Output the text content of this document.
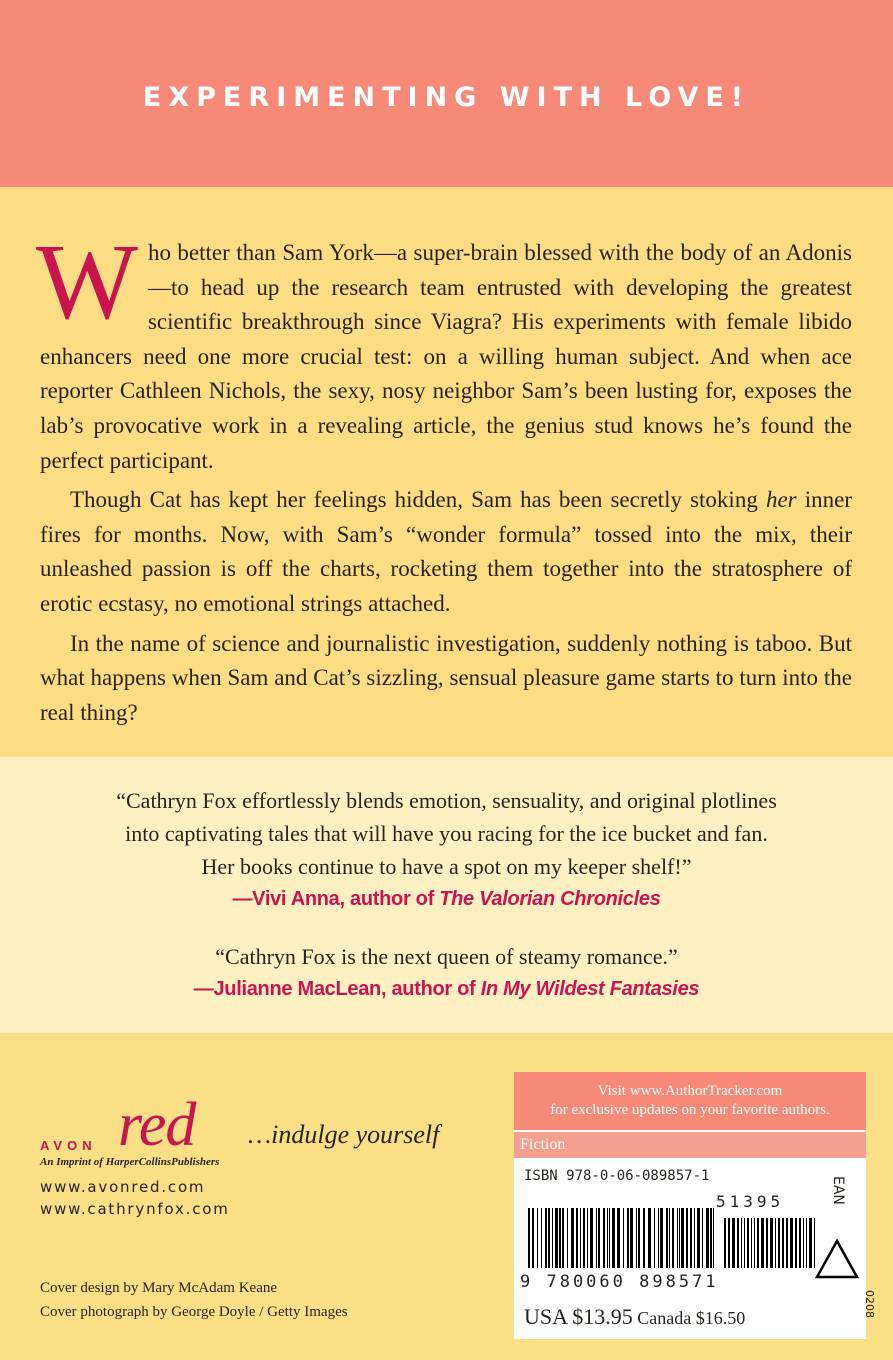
EXPERIMENTING WITH LOVE!

Who better than Sam York—a super-brain blessed with the body of an Adonis—to head up the research team entrusted with developing the greatest scientific breakthrough since Viagra? His experiments with female libido enhancers need one more crucial test: on a willing human subject. And when ace reporter Cathleen Nichols, the sexy, nosy neighbor Sam’s been lusting for, exposes the lab’s provocative work in a revealing article, the genius stud knows he’s found the perfect participant.

Though Cat has kept her feelings hidden, Sam has been secretly stoking her inner fires for months. Now, with Sam’s “wonder formula” tossed into the mix, their unleashed passion is off the charts, rocketing them together into the stratosphere of erotic ecstasy, no emotional strings attached.

In the name of science and journalistic investigation, suddenly nothing is taboo. But what happens when Sam and Cat’s sizzling, sensual pleasure game starts to turn into the real thing?

“Cathryn Fox effortlessly blends emotion, sensuality, and original plotlines
into captivating tales that will have you racing for the ice bucket and fan.
Her books continue to have a spot on my keeper shelf!”
—Vivi Anna, author of The Valorian Chronicles
“Cathryn Fox is the next queen of steamy romance.”
—Julianne MacLean, author of In My Wildest Fantasies
red
AVON	…indulge yourself
An Imprint of HarperCollinsPublishers
www.avonred.com
www.cathrynfox.com
Cover design by Mary McAdam Keane
Cover photograph by George Doyle / Getty Images
Visit www.AuthorTracker.com
for exclusive updates on your favorite authors.
Fiction
ISBN 978-0-06-089857-1
51395	EAN
9 780060 898571
USA $13.95 Canada $16.50	0208
